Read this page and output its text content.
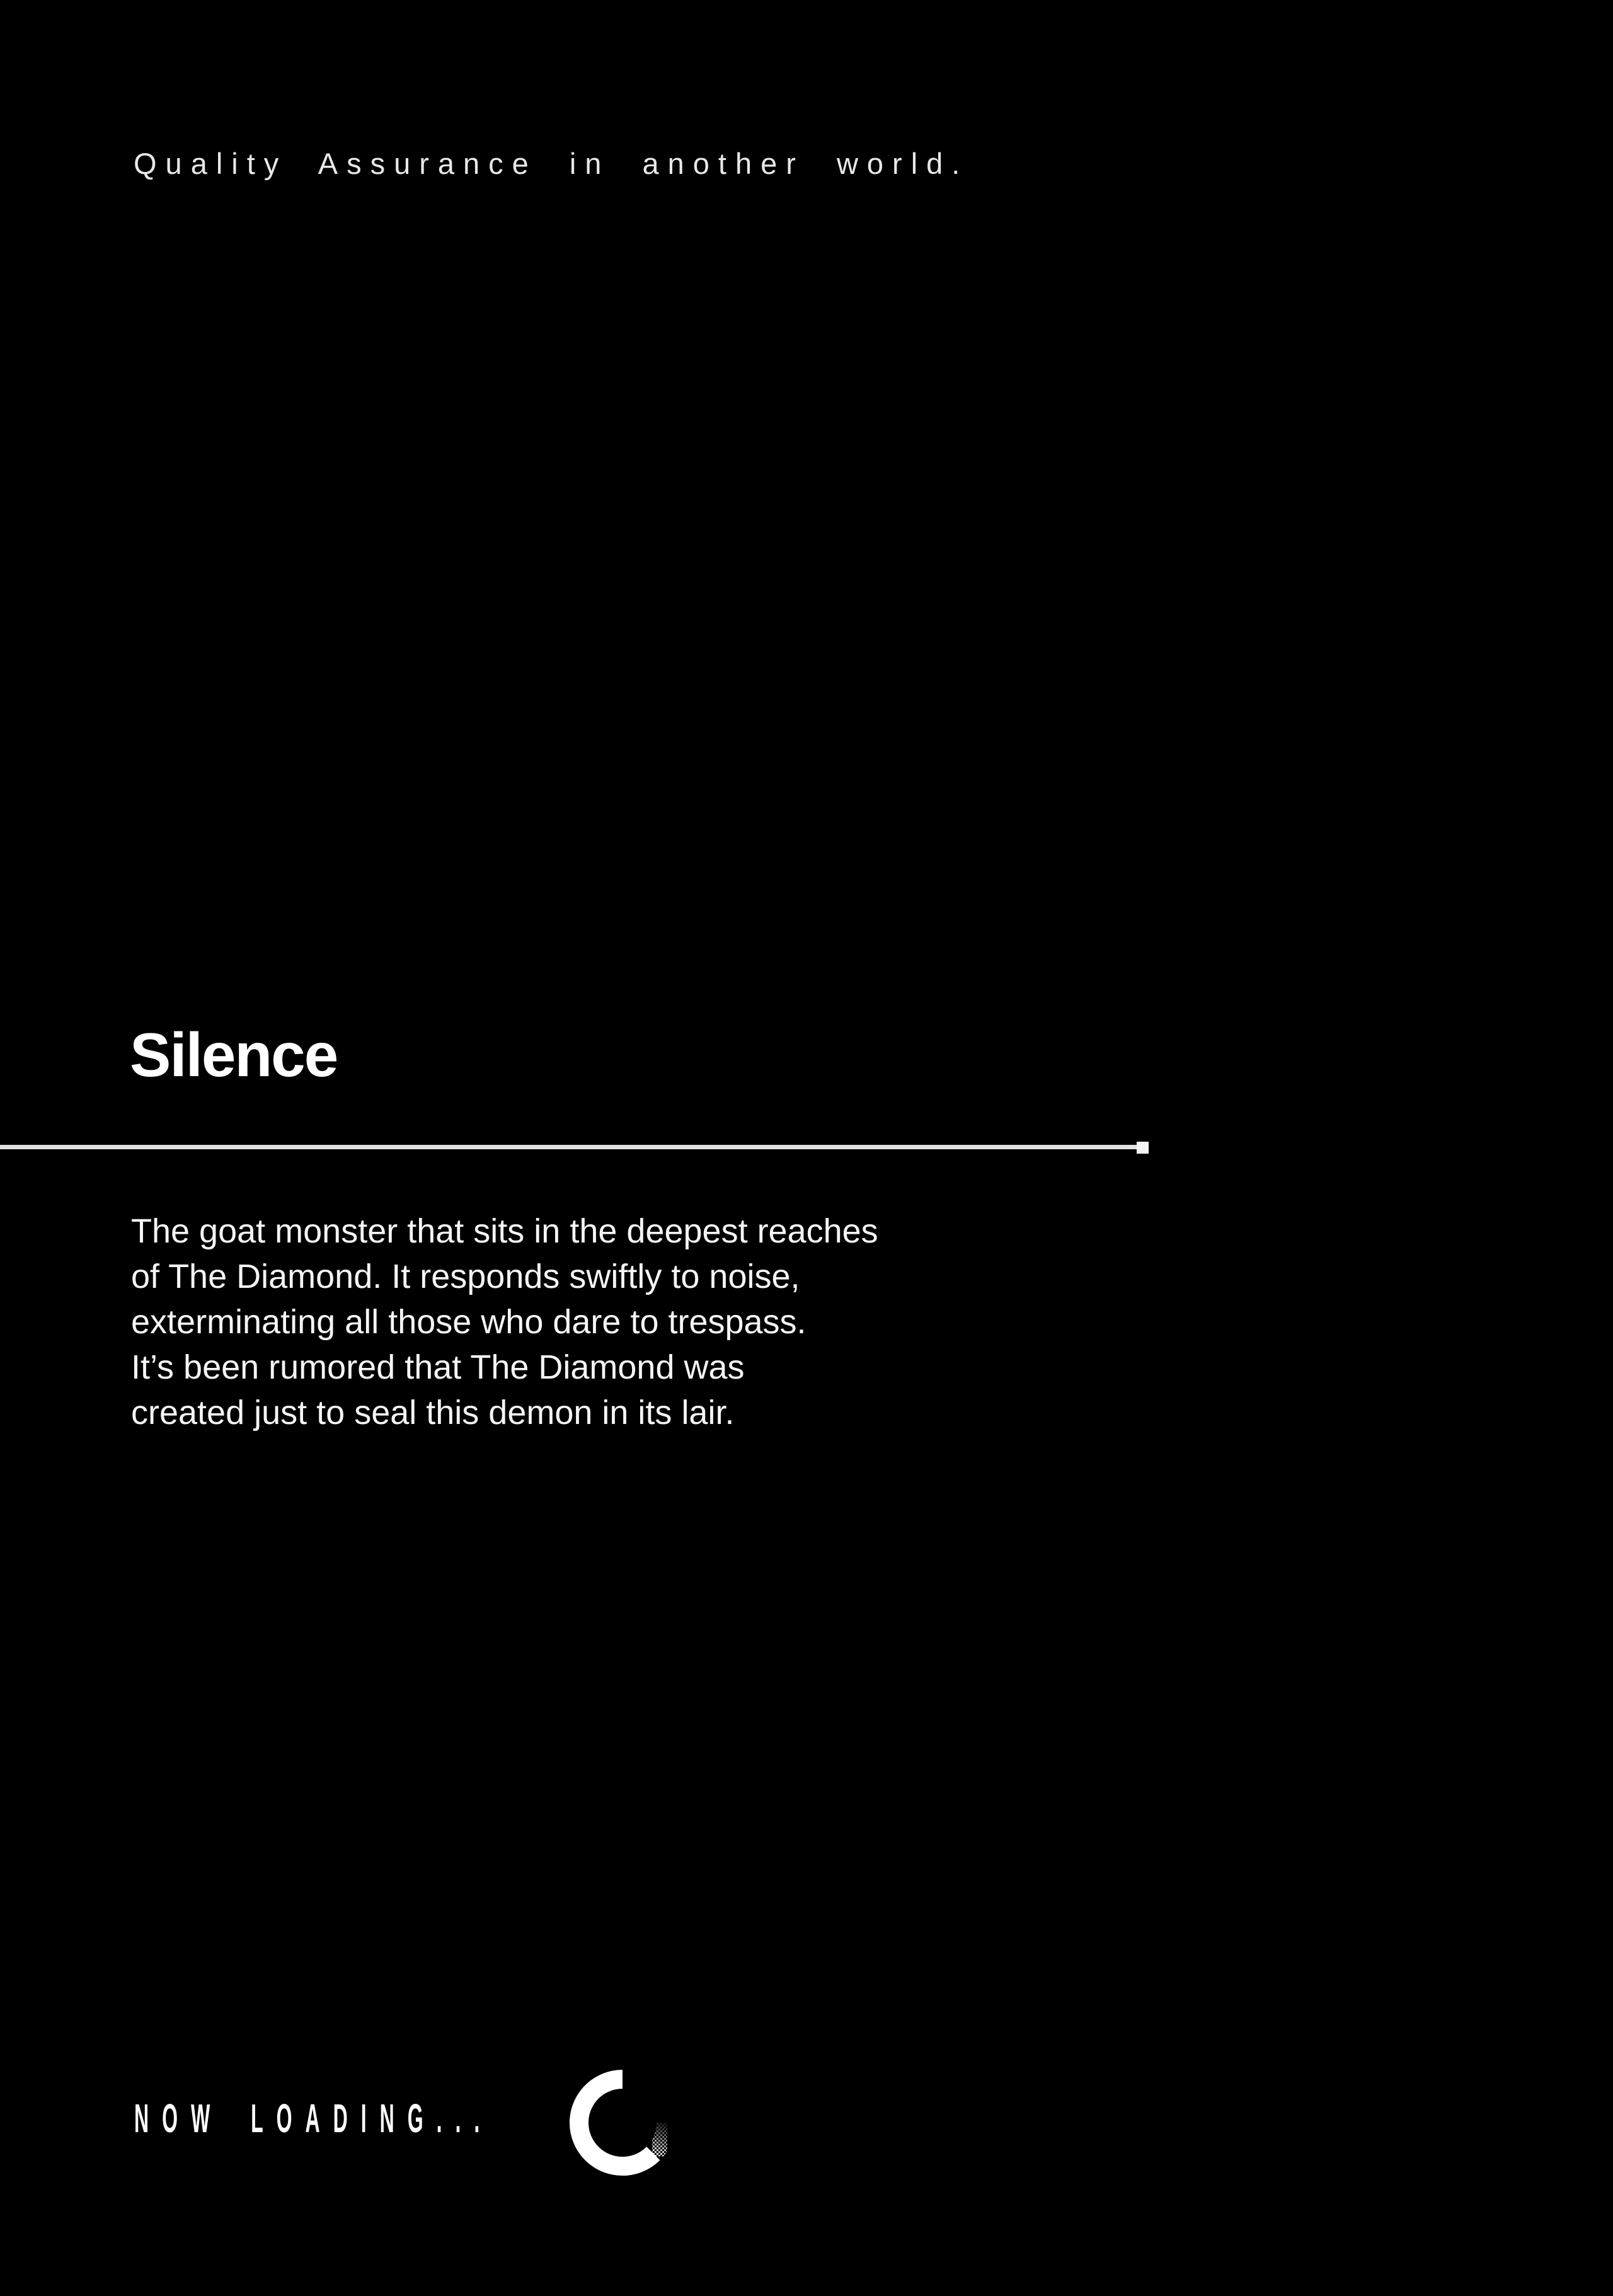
Quality Assurance in another world.
Silence
The goat monster that sits in the deepest reaches
of The Diamond. It responds swiftly to noise,
exterminating all those who dare to trespass.
It’s been rumored that The Diamond was
created just to seal this demon in its lair.
NOW LOADING...
